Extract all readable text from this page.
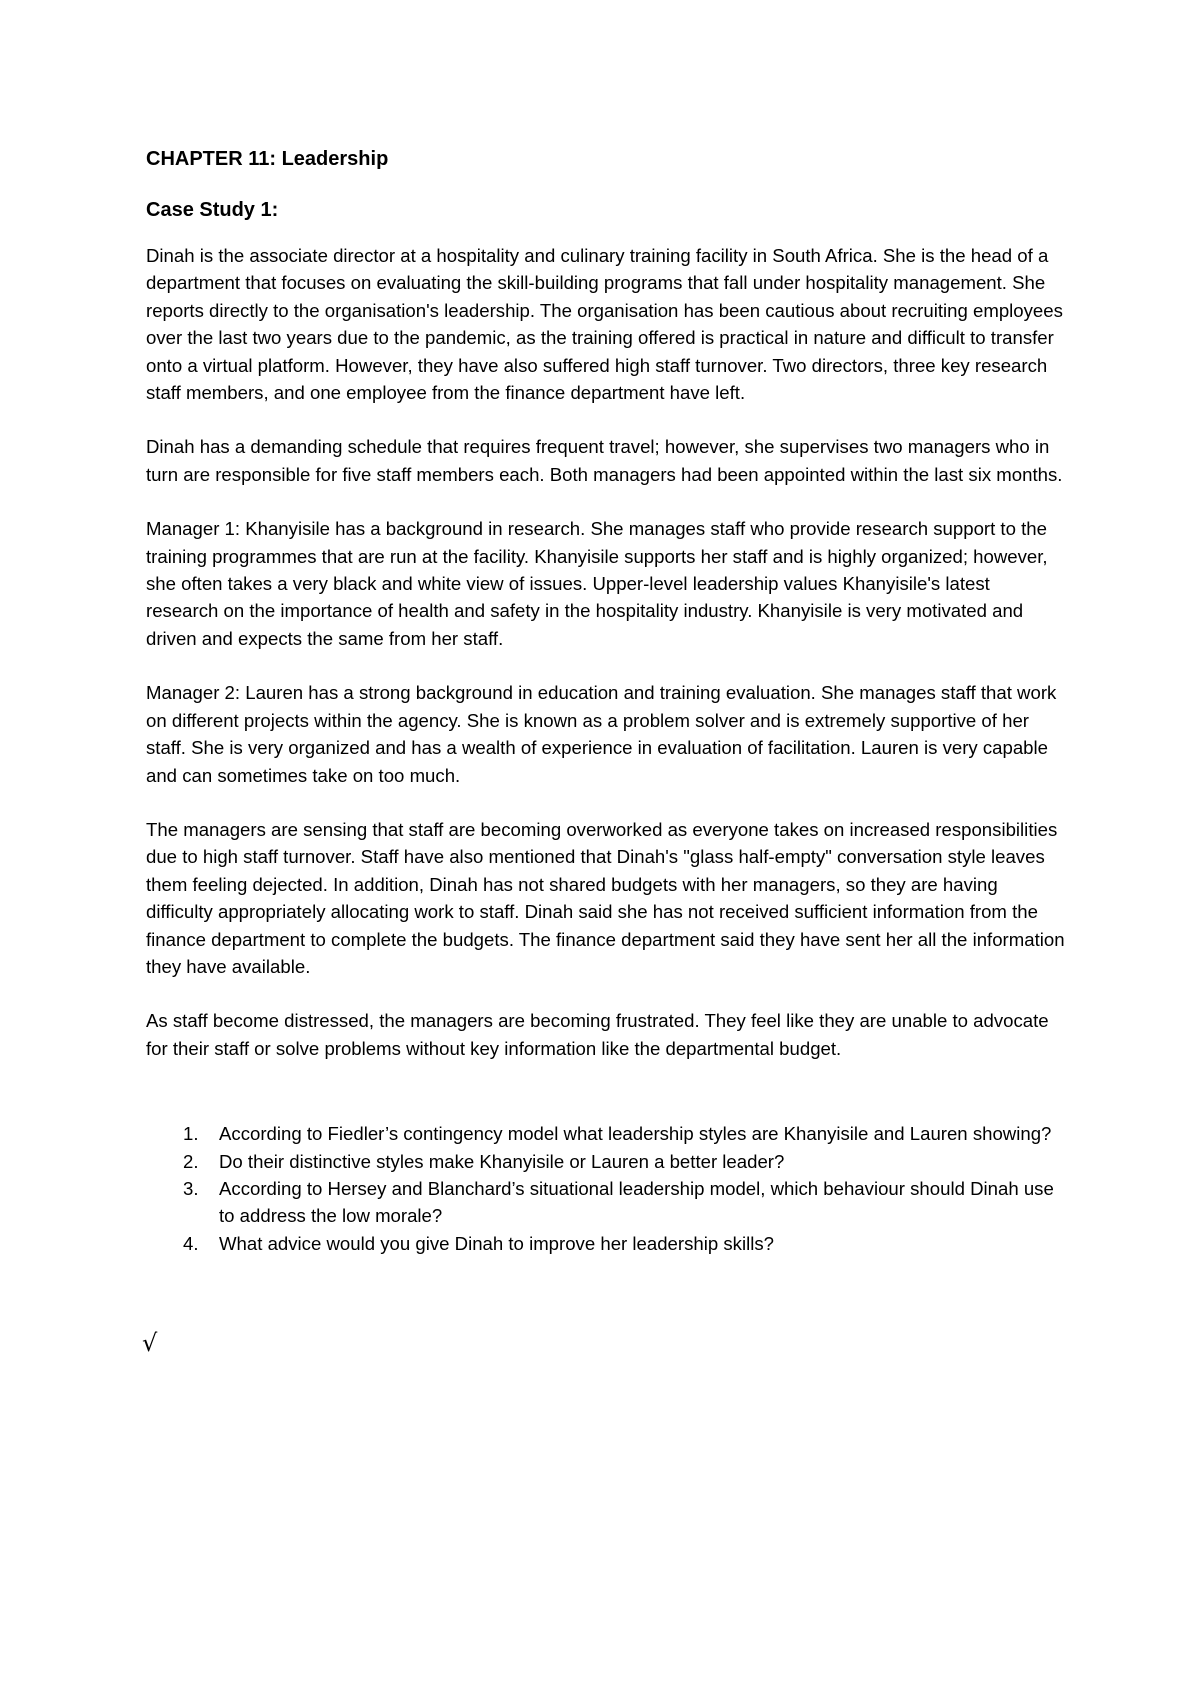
CHAPTER 11: Leadership
Case Study 1:

Dinah is the associate director at a hospitality and culinary training facility in South Africa. She is the head of a department that focuses on evaluating the skill-building programs that fall under hospitality management. She reports directly to the organisation's leadership. The organisation has been cautious about recruiting employees over the last two years due to the pandemic, as the training offered is practical in nature and difficult to transfer onto a virtual platform. However, they have also suffered high staff turnover. Two directors, three key research staff members, and one employee from the finance department have left.

Dinah has a demanding schedule that requires frequent travel; however, she supervises two managers who in turn are responsible for five staff members each. Both managers had been appointed within the last six months.

Manager 1: Khanyisile has a background in research. She manages staff who provide research support to the training programmes that are run at the facility. Khanyisile supports her staff and is highly organized; however, she often takes a very black and white view of issues. Upper-level leadership values Khanyisile's latest research on the importance of health and safety in the hospitality industry. Khanyisile is very motivated and driven and expects the same from her staff.

Manager 2: Lauren has a strong background in education and training evaluation. She manages staff that work on different projects within the agency. She is known as a problem solver and is extremely supportive of her staff. She is very organized and has a wealth of experience in evaluation of facilitation. Lauren is very capable and can sometimes take on too much.

The managers are sensing that staff are becoming overworked as everyone takes on increased responsibilities due to high staff turnover. Staff have also mentioned that Dinah's "glass half-empty" conversation style leaves them feeling dejected. In addition, Dinah has not shared budgets with her managers, so they are having difficulty appropriately allocating work to staff. Dinah said she has not received sufficient information from the finance department to complete the budgets. The finance department said they have sent her all the information they have available.

As staff become distressed, the managers are becoming frustrated. They feel like they are unable to advocate for their staff or solve problems without key information like the departmental budget.

1. According to Fiedler’s contingency model what leadership styles are Khanyisile and Lauren showing?
2. Do their distinctive styles make Khanyisile or Lauren a better leader?
3. According to Hersey and Blanchard’s situational leadership model, which behaviour should Dinah use to address the low morale?
4. What advice would you give Dinah to improve her leadership skills?
√
